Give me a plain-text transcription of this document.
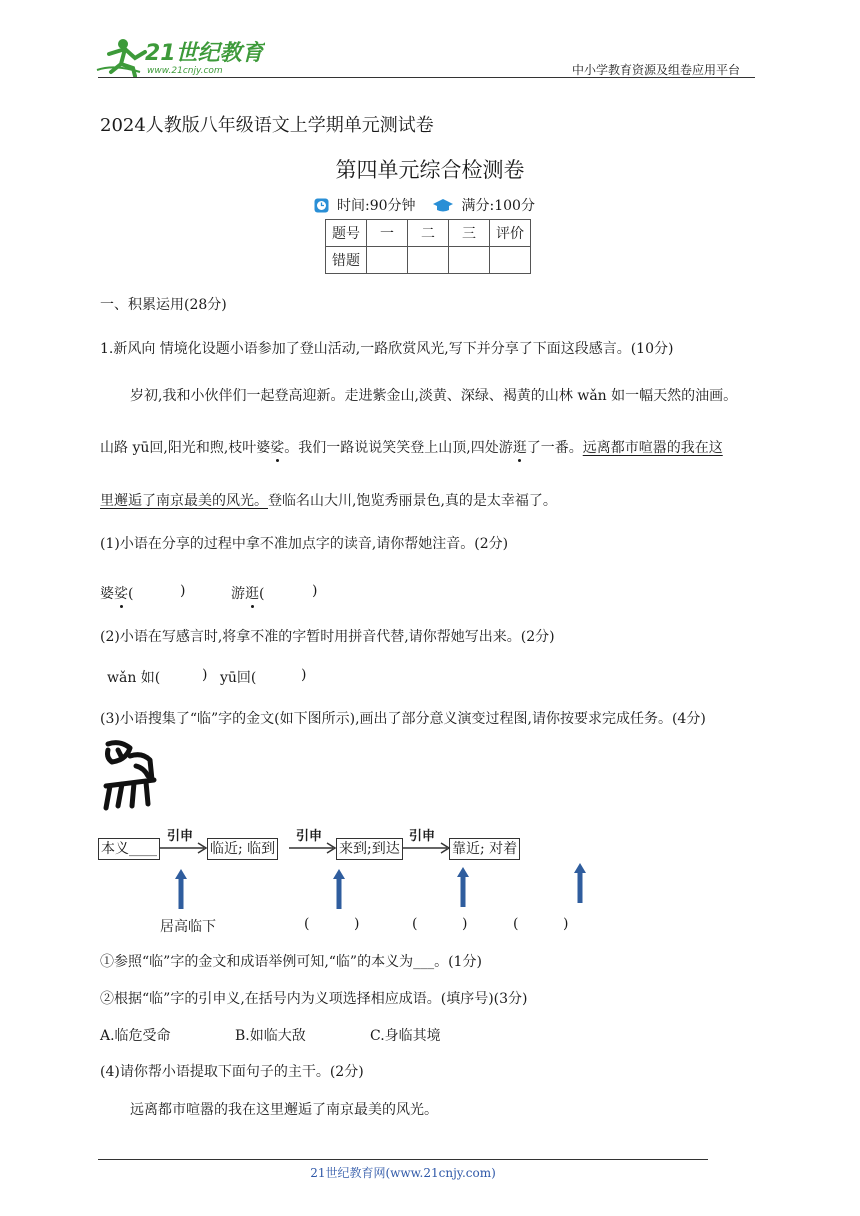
21世纪教育
www.21cnjy.com	中小学教育资源及组卷应用平台
2024人教版八年级语文上学期单元测试卷
第四单元综合检测卷
时间:90分钟	满分:100分
题号	一	二	三	评价
错题				
一、积累运用(28分)
1.新风向 情境化设题小语参加了登山活动,一路欣赏风光,写下并分享了下面这段感言。(10分)
岁初,我和小伙伴们一起登高迎新。走进紫金山,淡黄、深绿、褐黄的山林 wǎn 如一幅天然的油画。
山路 yū回,阳光和煦,枝叶婆娑。我们一路说说笑笑登上山顶,四处游逛了一番。远离都市喧嚣的我在这
里邂逅了南京最美的风光。登临名山大川,饱览秀丽景色,真的是太幸福了。
(1)小语在分享的过程中拿不准加点字的读音,请你帮她注音。(2分)
婆娑(	)	游逛(	)
(2)小语在写感言时,将拿不准的字暂时用拼音代替,请你帮她写出来。(2分)
wǎn 如(	) yū回(	)
(3)小语搜集了“临”字的金文(如下图所示),画出了部分意义演变过程图,请你按要求完成任务。(4分)
本义____	临近; 临到	来到;到达	靠近; 对着
引申	引申	引申
居高临下	(	)	(	)	(	)
①参照“临”字的金文和成语举例可知,“临”的本义为___。(1分)
②根据“临”字的引申义,在括号内为义项选择相应成语。(填序号)(3分)
A.临危受命	B.如临大敌	C.身临其境
(4)请你帮小语提取下面句子的主干。(2分)
远离都市喧嚣的我在这里邂逅了南京最美的风光。
21世纪教育网(www.21cnjy.com)
